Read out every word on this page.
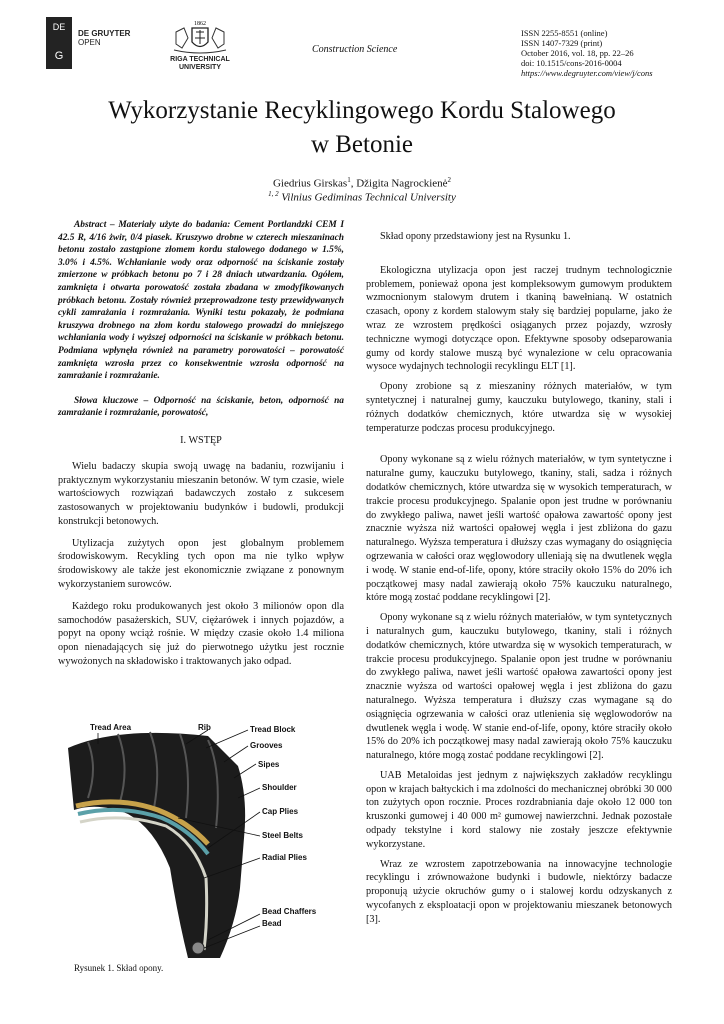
DE
G
DE GRUYTER
OPEN
1862
RIGA TECHNICAL
UNIVERSITY
Construction Science
ISSN 2255-8551 (online)
ISSN 1407-7329 (print)
October 2016, vol. 18, pp. 22–26
doi: 10.1515/cons-2016-0004
https://www.degruyter.com/view/j/cons
Wykorzystanie Recyklingowego Kordu Stalowego
w Betonie
Giedrius Girskas$^1$, Džigita Nagrockienė$^2$
$^{1, 2}$ Vilnius Gediminas Technical University

Abstract – Materiały użyte do badania: Cement Portlandzki CEM I 42.5 R, 4/16 żwir, 0/4 piasek. Kruszywo drobne w czterech mieszaninach betonu zostało zastąpione złomem kordu stalowego dodanego w 1.5%, 3.0% i 4.5%. Wchłanianie wody oraz odporność na ściskanie zostały zmierzone w próbkach betonu po 7 i 28 dniach utwardzania. Ogółem, zamknięta i otwarta porowatość została zbadana w zmodyfikowanych próbkach betonu. Zostały również przeprowadzone testy przewidywanych cykli zamrażania i rozmrażania. Wyniki testu pokazały, że podmiana kruszywa drobnego na złom kordu stalowego prowadzi do mniejszego wchłaniania wody i wyższej odporności na ściskanie w próbkach betonu. Podmiana wpłynęła również na parametry porowatości – porowatość zamknięta wzrosła przez co konsekwentnie wzrosła odporność na zamrażanie i rozmrażanie.

Słowa kluczowe – Odporność na ściskanie, beton, odporność na zamrażanie i rozmrażanie, porowatość,

I. WSTĘP

Wielu badaczy skupia swoją uwagę na badaniu, rozwijaniu i praktycznym wykorzystaniu mieszanin betonów. W tym czasie, wiele wartościowych rozwiązań badawczych zostało z sukcesem zastosowanych w projektowaniu budynków i budowli, produkcji konstrukcji betonowych.

Utylizacja zużytych opon jest globalnym problemem środowiskowym. Recykling tych opon ma nie tylko wpływ środowiskowy ale także jest ekonomicznie związane z ponownym wykorzystaniem surowców.

Każdego roku produkowanych jest około 3 milionów opon dla samochodów pasażerskich, SUV, ciężarówek i innych pojazdów, a popyt na opony wciąż rośnie. W między czasie około 1.4 miliona opon nienadających się już do pierwotnego użytku jest rocznie wywożonych na składowisko i traktowanych jako odpad.

Tread Area	Rib	Tread Block
Grooves
Sipes
Shoulder
Cap Plies
Steel Belts
Radial Plies
Bead Chaffers
Bead
Rysunek 1. Skład opony.

Skład opony przedstawiony jest na Rysunku 1.

Ekologiczna utylizacja opon jest raczej trudnym technologicznie problemem, ponieważ opona jest kompleksowym gumowym produktem wzmocnionym stalowym drutem i tkaniną bawełnianą. W ostatnich czasach, opony z kordem stalowym stały się bardziej popularne, jako że wraz ze wzrostem prędkości osiąganych przez pojazdy, wzrosły techniczne wymogi dotyczące opon. Efektywne sposoby odseparowania gumy od kordy stalowe muszą być wynalezione w celu opracowania wysoce wydajnych technologii recyklingu ELT [1].

Opony zrobione są z mieszaniny różnych materiałów, w tym syntetycznej i naturalnej gumy, kauczuku butylowego, tkaniny, stali i różnych dodatków chemicznych, które utwardza się w wysokiej temperaturze podczas procesu produkcyjnego.

Opony wykonane są z wielu różnych materiałów, w tym syntetyczne i naturalne gumy, kauczuku butylowego, tkaniny, stali, sadza i różnych dodatków chemicznych, które utwardza się w wysokich temperaturach, w trakcie procesu produkcyjnego. Spalanie opon jest trudne w porównaniu do zwykłego paliwa, nawet jeśli wartość opałowa zawartość opony jest znacznie wyższa niż wartości opałowej węgla i jest zbliżona do gazu naturalnego. Wyższa temperatura i dłuższy czas wymagany do osiągnięcia ogrzewania w całości oraz węglowodory ulleniają się na dwutlenek węgla i wodę. W stanie end-of-life, opony, które straciły około 15% do 20% ich początkowej masy nadal zawierają około 75% kauczuku naturalnego, które mogą zostać poddane recyklingowi [2].

Opony wykonane są z wielu różnych materiałów, w tym syntetycznych i naturalnych gum, kauczuku butylowego, tkaniny, stali i różnych dodatków chemicznych, które utwardza się w wysokich temperaturach, w trakcie procesu produkcyjnego. Spalanie opon jest trudne w porównaniu do zwykłego paliwa, nawet jeśli wartość opałowa zawartości opony jest znacznie wyższa od wartości opałowej węgla i jest zbliżona do gazu naturalnego. Wyższa temperatura i dłuższy czas wymagane są do osiągnięcia ogrzewania w całości oraz utlenienia się węglowodorów na dwutlenek węgla i wodę. W stanie end-of-life, opony, które straciły około 15% do 20% ich początkowej masy nadal zawierają około 75% kauczuku naturalnego, które mogą zostać poddane recyklingowi [2].

UAB Metaloidas jest jednym z największych zakładów recyklingu opon w krajach bałtyckich i ma zdolności do mechanicznej obróbki 30 000 ton zużytych opon rocznie. Proces rozdrabniania daje około 12 000 ton kruszonki gumowej i 40 000 m² gumowej nawierzchni. Jednak pozostałe odpady tekstylne i kord stalowy nie zostały jeszcze efektywnie wykorzystane.

Wraz ze wzrostem zapotrzebowania na innowacyjne technologie recyklingu i zrównoważone budynki i budowle, niektórzy badacze proponują użycie okruchów gumy o i stalowej kordu odzyskanych z wycofanych z eksploatacji opon w projektowaniu mieszanek betonowych [3].
